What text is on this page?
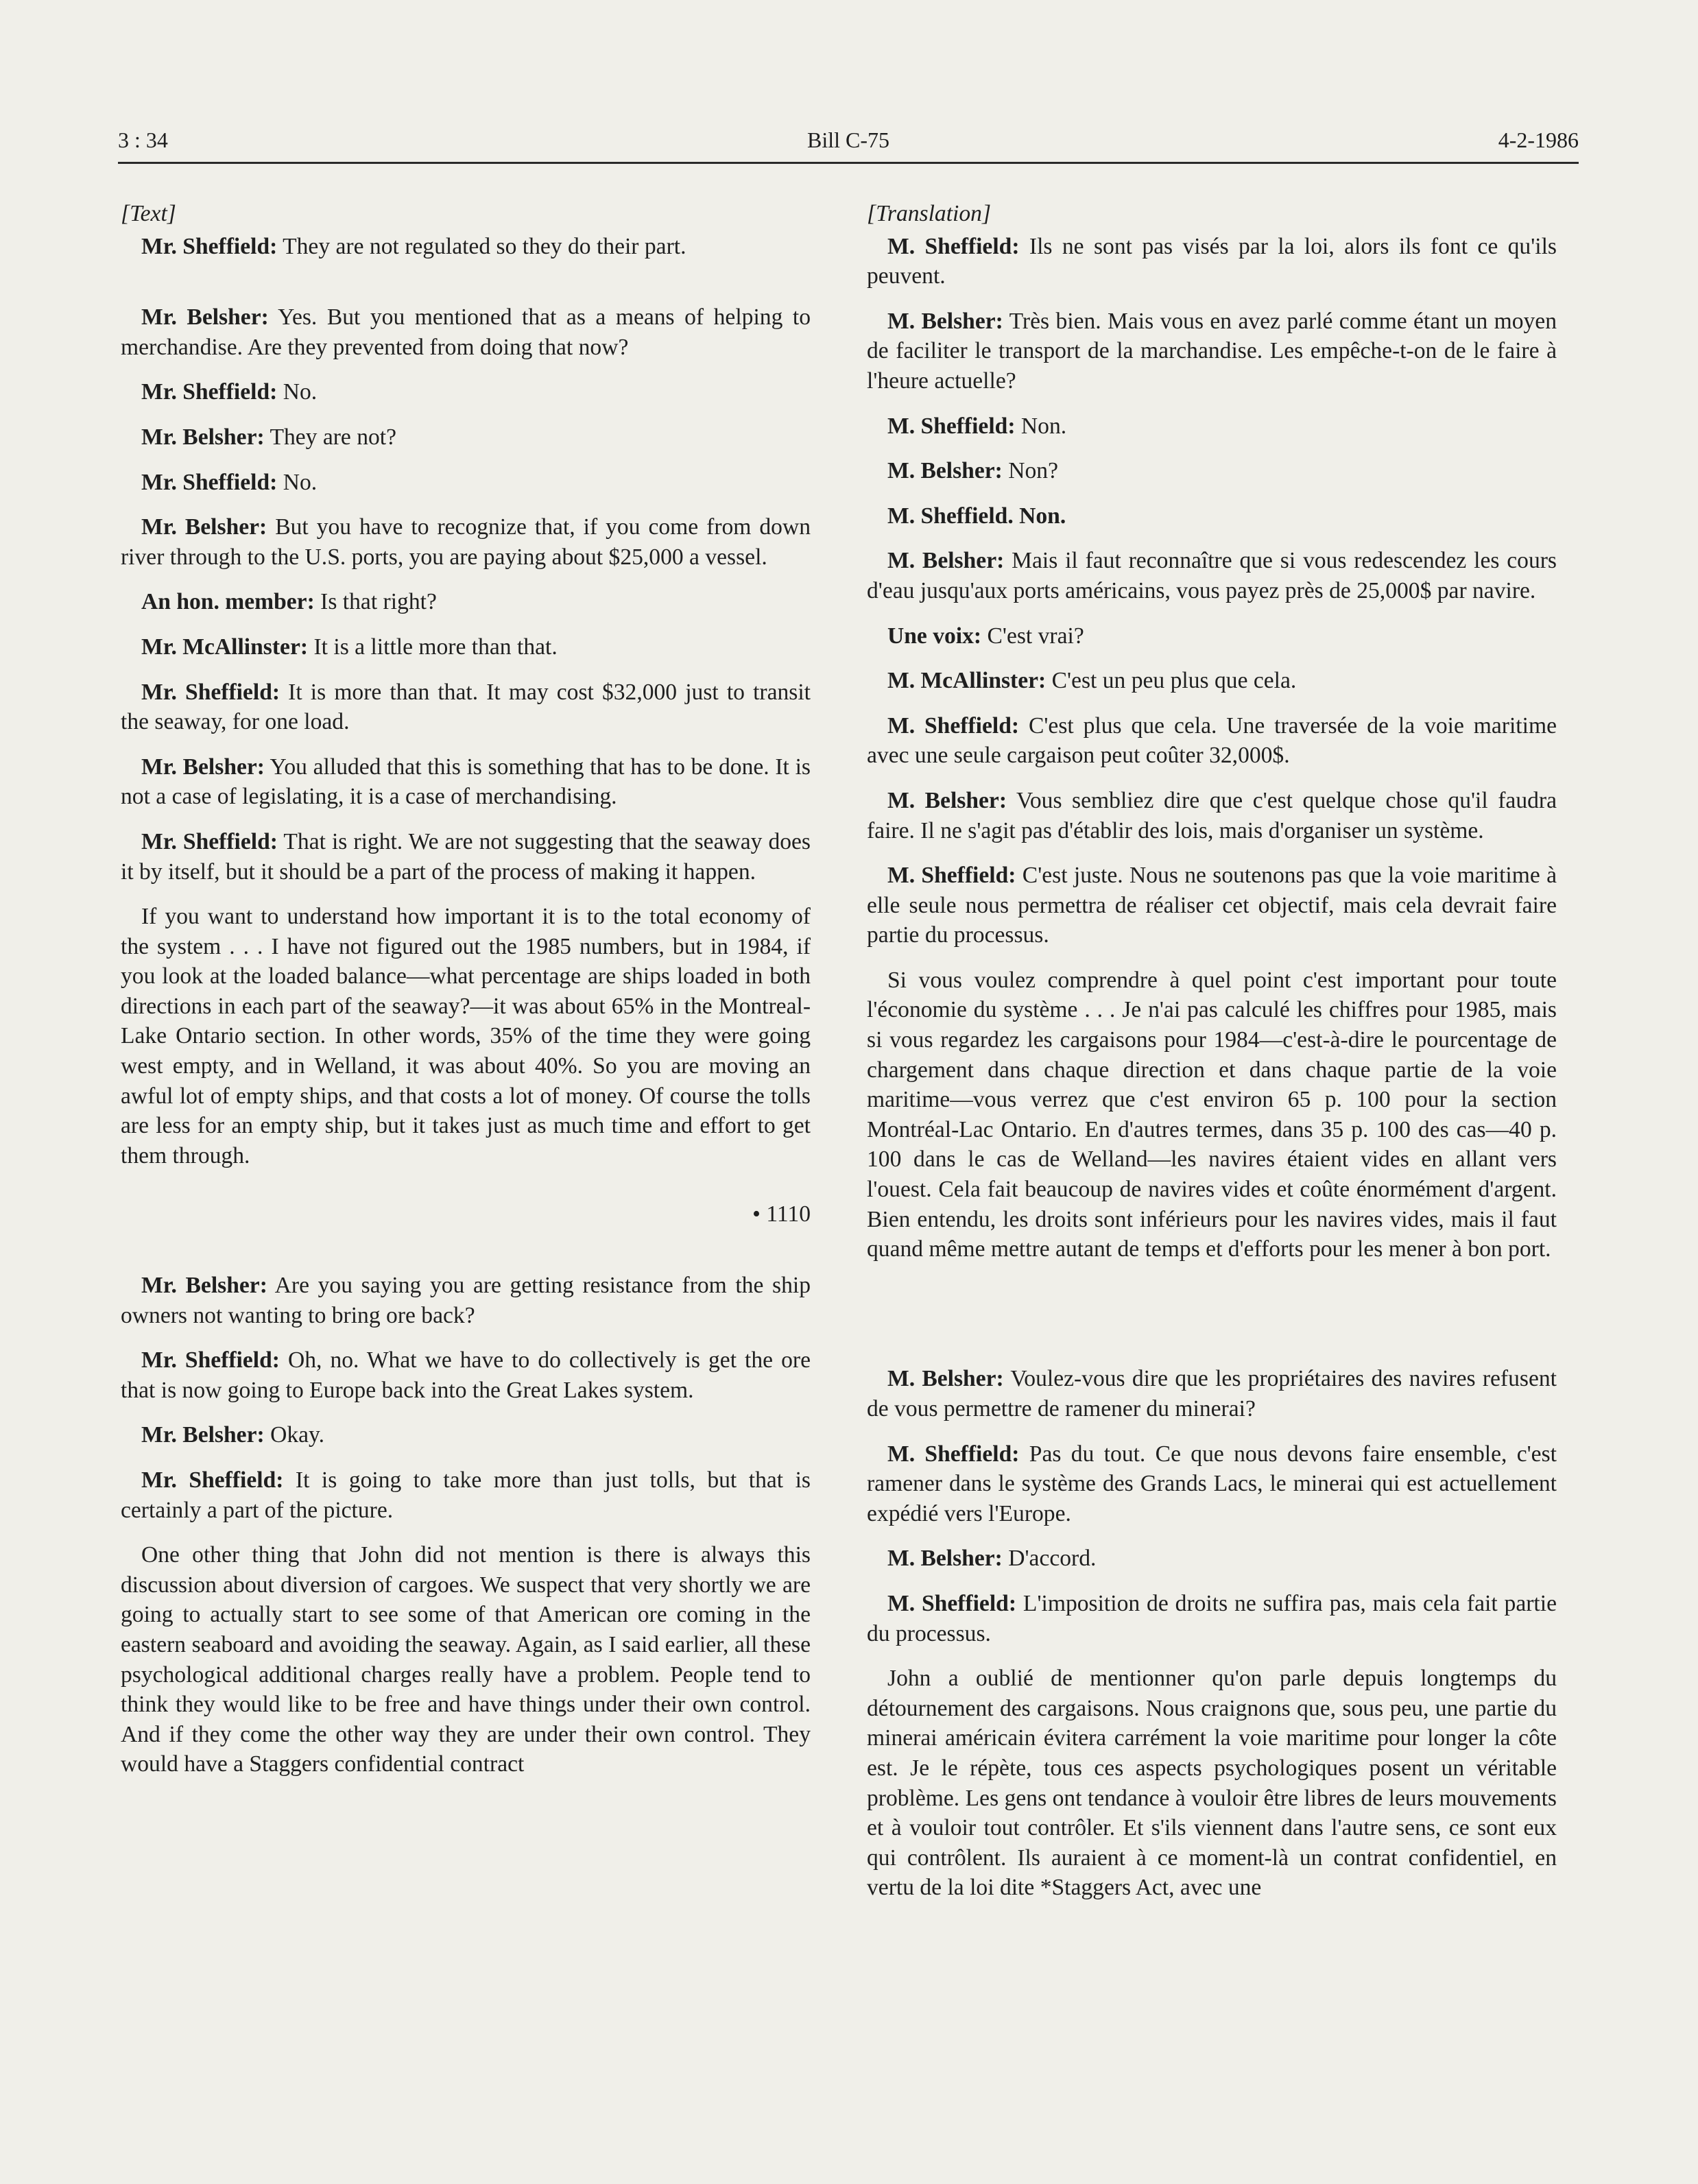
3 : 34	Bill C-75	4-2-1986
[Text]

Mr. Sheffield: They are not regulated so they do their part.

Mr. Belsher: Yes. But you mentioned that as a means of helping to merchandise. Are they prevented from doing that now?

Mr. Sheffield: No.

Mr. Belsher: They are not?

Mr. Sheffield: No.

Mr. Belsher: But you have to recognize that, if you come from down river through to the U.S. ports, you are paying about $25,000 a vessel.

An hon. member: Is that right?

Mr. McAllinster: It is a little more than that.

Mr. Sheffield: It is more than that. It may cost $32,000 just to transit the seaway, for one load.

Mr. Belsher: You alluded that this is something that has to be done. It is not a case of legislating, it is a case of merchandising.

Mr. Sheffield: That is right. We are not suggesting that the seaway does it by itself, but it should be a part of the process of making it happen.

If you want to understand how important it is to the total economy of the system . . . I have not figured out the 1985 numbers, but in 1984, if you look at the loaded balance—what percentage are ships loaded in both directions in each part of the seaway?—it was about 65% in the Montreal-Lake Ontario section. In other words, 35% of the time they were going west empty, and in Welland, it was about 40%. So you are moving an awful lot of empty ships, and that costs a lot of money. Of course the tolls are less for an empty ship, but it takes just as much time and effort to get them through.

• 1110

Mr. Belsher: Are you saying you are getting resistance from the ship owners not wanting to bring ore back?

Mr. Sheffield: Oh, no. What we have to do collectively is get the ore that is now going to Europe back into the Great Lakes system.

Mr. Belsher: Okay.

Mr. Sheffield: It is going to take more than just tolls, but that is certainly a part of the picture.

One other thing that John did not mention is there is always this discussion about diversion of cargoes. We suspect that very shortly we are going to actually start to see some of that American ore coming in the eastern seaboard and avoiding the seaway. Again, as I said earlier, all these psychological additional charges really have a problem. People tend to think they would like to be free and have things under their own control. And if they come the other way they are under their own control. They would have a Staggers confidential contract

[Translation]

M. Sheffield: Ils ne sont pas visés par la loi, alors ils font ce qu'ils peuvent.

M. Belsher: Très bien. Mais vous en avez parlé comme étant un moyen de faciliter le transport de la marchandise. Les empêche-t-on de le faire à l'heure actuelle?

M. Sheffield: Non.

M. Belsher: Non?

M. Sheffield. Non.

M. Belsher: Mais il faut reconnaître que si vous redescendez les cours d'eau jusqu'aux ports américains, vous payez près de 25,000$ par navire.

Une voix: C'est vrai?

M. McAllinster: C'est un peu plus que cela.

M. Sheffield: C'est plus que cela. Une traversée de la voie maritime avec une seule cargaison peut coûter 32,000$.

M. Belsher: Vous sembliez dire que c'est quelque chose qu'il faudra faire. Il ne s'agit pas d'établir des lois, mais d'organiser un système.

M. Sheffield: C'est juste. Nous ne soutenons pas que la voie maritime à elle seule nous permettra de réaliser cet objectif, mais cela devrait faire partie du processus.

Si vous voulez comprendre à quel point c'est important pour toute l'économie du système . . . Je n'ai pas calculé les chiffres pour 1985, mais si vous regardez les cargaisons pour 1984—c'est-à-dire le pourcentage de chargement dans chaque direction et dans chaque partie de la voie maritime—vous verrez que c'est environ 65 p. 100 pour la section Montréal-Lac Ontario. En d'autres termes, dans 35 p. 100 des cas—40 p. 100 dans le cas de Welland—les navires étaient vides en allant vers l'ouest. Cela fait beaucoup de navires vides et coûte énormément d'argent. Bien entendu, les droits sont inférieurs pour les navires vides, mais il faut quand même mettre autant de temps et d'efforts pour les mener à bon port.

M. Belsher: Voulez-vous dire que les propriétaires des navires refusent de vous permettre de ramener du minerai?

M. Sheffield: Pas du tout. Ce que nous devons faire ensemble, c'est ramener dans le système des Grands Lacs, le minerai qui est actuellement expédié vers l'Europe.

M. Belsher: D'accord.

M. Sheffield: L'imposition de droits ne suffira pas, mais cela fait partie du processus.

John a oublié de mentionner qu'on parle depuis longtemps du détournement des cargaisons. Nous craignons que, sous peu, une partie du minerai américain évitera carrément la voie maritime pour longer la côte est. Je le répète, tous ces aspects psychologiques posent un véritable problème. Les gens ont tendance à vouloir être libres de leurs mouvements et à vouloir tout contrôler. Et s'ils viennent dans l'autre sens, ce sont eux qui contrôlent. Ils auraient à ce moment-là un contrat confidentiel, en vertu de la loi dite *Staggers Act, avec une
